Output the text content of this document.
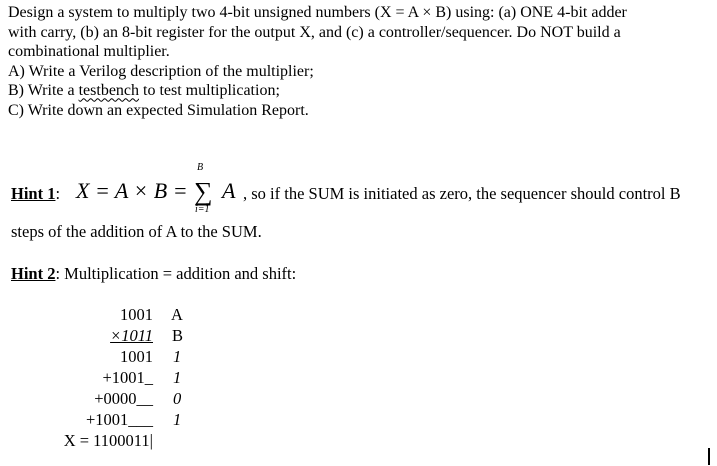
Design a system to multiply two 4-bit unsigned numbers (X = A × B) using: (a) ONE 4-bit adder
with carry, (b) an 8-bit register for the output X, and (c) a controller/sequencer. Do NOT build a
combinational multiplier.
A) Write a Verilog description of the multiplier;
B) Write a testbench to test multiplication;
C) Write down an expected Simulation Report.
Hint 1: X = A × B =
B
∑
i=1
A , so if the SUM is initiated as zero, the sequencer should control B
steps of the addition of A to the SUM.
Hint 2: Multiplication = addition and shift:
1001 A
×1011 B
1001 1
+1001_ 1
+0000__ 0
+1001___ 1
X = 1100011|
